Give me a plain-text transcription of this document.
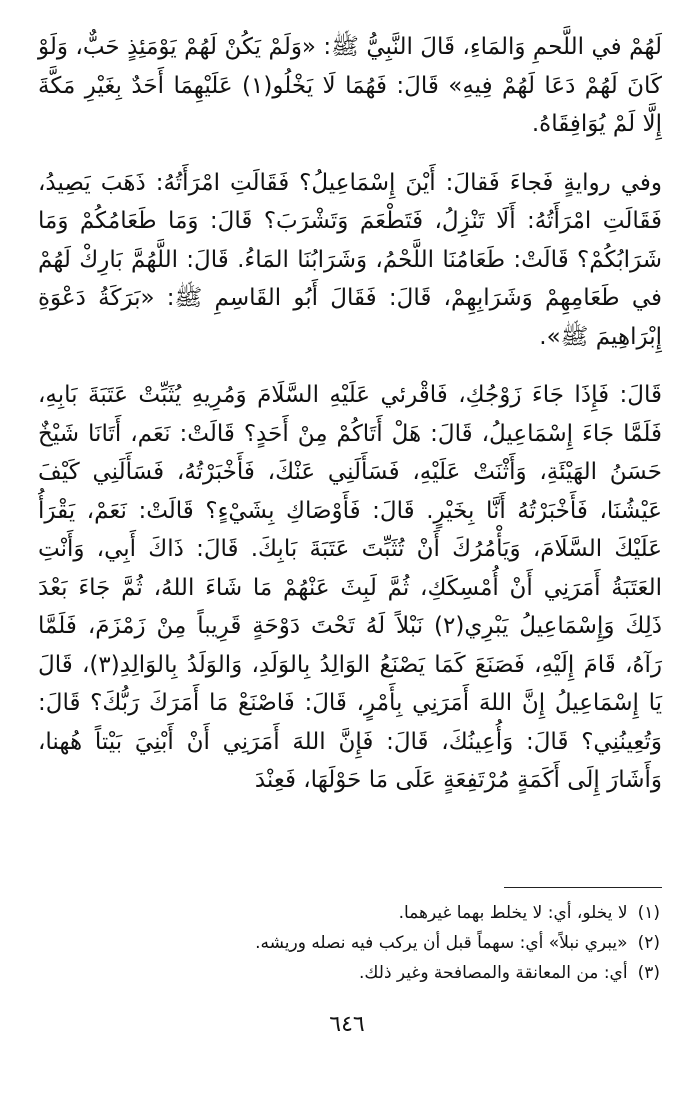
لَهُمْ في اللَّحمِ وَالمَاءِ، قَالَ النَّبِيُّ ﷺ: «وَلَمْ يَكُنْ لَهُمْ يَوْمَئِذٍ حَبٌّ، وَلَوْ كَانَ لَهُمْ دَعَا لَهُمْ فِيهِ» قَالَ: فَهُمَا لَا يَخْلُو(١) عَلَيْهِمَا أَحَدٌ بِغَيْرِ مَكَّةَ إِلَّا لَمْ يُوَافِقَاهُ.

وفي روايةٍ فَجاءَ فَقالَ: أَيْنَ إِسْمَاعِيلُ؟ فَقَالَتِ امْرَأَتُهُ: ذَهَبَ يَصِيدُ، فَقَالَتِ امْرَأَتُهُ: أَلَا تَنْزِلُ، فَتَطْعَمَ وَتَشْرَبَ؟ قَالَ: وَمَا طَعَامُكُمْ وَمَا شَرَابُكُمْ؟ قَالَتْ: طَعَامُنَا اللَّحْمُ، وَشَرَابُنَا المَاءُ. قَالَ: اللَّهُمَّ بَارِكْ لَهُمْ في طَعَامِهِمْ وَشَرَابِهِمْ، قَالَ: فَقَالَ أَبُو القَاسِمِ ﷺ: «بَرَكَةُ دَعْوَةِ إِبْرَاهِيمَ ﷺ».

قَالَ: فَإِذَا جَاءَ زَوْجُكِ، فَاقْرئي عَلَيْهِ السَّلَامَ وَمُرِيهِ يُثَبِّتْ عَتَبَةَ بَابِهِ، فَلَمَّا جَاءَ إِسْمَاعِيلُ، قَالَ: هَلْ أَتَاكُمْ مِنْ أَحَدٍ؟ قَالَتْ: نَعَم، أَتَانَا شَيْخٌ حَسَنُ الهَيْئَةِ، وَأَثْنَتْ عَلَيْهِ، فَسَأَلَنِي عَنْكَ، فَأَخْبَرْتُهُ، فَسَأَلَنِي كَيْفَ عَيْشُنَا، فَأَخْبَرْتُهُ أَنَّا بِخَيْرٍ. قَالَ: فَأَوْصَاكِ بِشَيْءٍ؟ قَالَتْ: نَعَمْ، يَقْرَأُ عَلَيْكَ السَّلَامَ، وَيَأْمُرُكَ أَنْ تُثَبِّتَ عَتَبَةَ بَابِكَ. قَالَ: ذَاكَ أَبِي، وَأَنْتِ العَتَبَةُ أَمَرَنِي أَنْ أُمْسِكَكِ، ثُمَّ لَبِثَ عَنْهُمْ مَا شَاءَ اللهُ، ثُمَّ جَاءَ بَعْدَ ذَلِكَ وَإِسْمَاعِيلُ يَبْرِي(٢) نَبْلاً لَهُ تَحْتَ دَوْحَةٍ قَرِيباً مِنْ زَمْزَمَ، فَلَمَّا رَآهُ، قَامَ إِلَيْهِ، فَصَنَعَ كَمَا يَصْنَعُ الوَالِدُ بِالوَلَدِ، وَالوَلَدُ بِالوَالِدِ(٣)، قَالَ يَا إِسْمَاعِيلُ إِنَّ اللهَ أَمَرَنِي بِأَمْرٍ، قَالَ: فَاصْنَعْ مَا أَمَرَكَ رَبُّكَ؟ قَالَ: وَتُعِينُنِي؟ قَالَ: وَأُعِينُكَ، قَالَ: فَإِنَّ اللهَ أَمَرَنِي أَنْ أَبْنِيَ بَيْتاً هُهنا، وَأَشَارَ إِلَى أَكَمَةٍ مُرْتَفِعَةٍ عَلَى مَا حَوْلَهَا، فَعِنْدَ

(١)لا يخلو، أي: لا يخلط بهما غيرهما.
(٢)«يبري نبلاً» أي: سهماً قبل أن يركب فيه نصله وريشه.
(٣)أي: من المعانقة والمصافحة وغير ذلك.
٦٤٦
